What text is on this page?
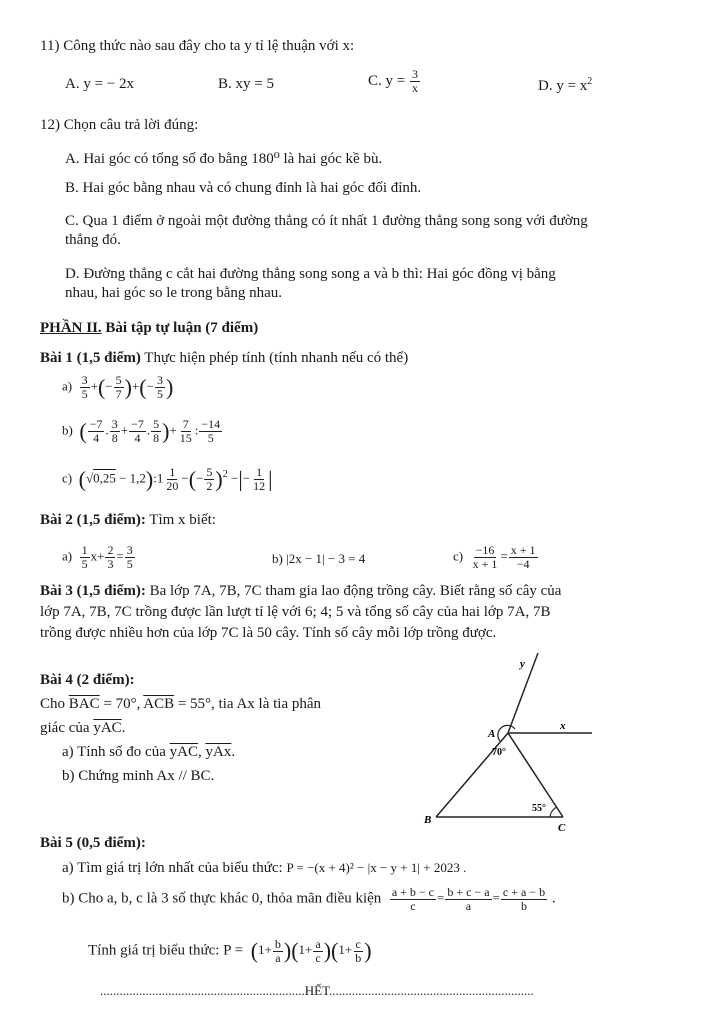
11) Công thức nào sau đây cho ta y tỉ lệ thuận với x:
A. y = − 2x	B. xy = 5	C. $y = \frac{3}{x}$	D. $y = x^2$
12) Chọn câu trả lời đúng:
A. Hai góc có tổng số đo bằng 180⁰ là hai góc kề bù.
B. Hai góc bằng nhau và có chung đỉnh là hai góc đối đỉnh.
C. Qua 1 điểm ở ngoài một đường thẳng có ít nhất 1 đường thẳng song song với đường
thẳng đó.
D. Đường thẳng c cắt hai đường thẳng song song a và b thì: Hai góc đồng vị bằng
nhau, hai góc so le trong bằng nhau.
PHẦN II. Bài tập tự luận (7 điểm)
Bài 1 (1,5 điểm) Thực hiện phép tính (tính nhanh nếu có thể)
$a) \frac{3}{5}$ +(− $\frac{5}{7}$ )+(− $\frac{3}{5}$ )
b) ( $\frac{-7}{4}$ . $\frac{3}{8} + \frac{-7}{4}$ . $\frac{5}{8}$ )+ $\frac{7}{15}$ : $\frac{-14}{5}$
c) (√0,25 − 1,2):1 $\frac{1}{20}$ −(− $\frac{5}{2} )^2$ −|− $\frac{1}{12}$ |
Bài 2 (1,5 điểm): Tìm x biết:
$a) \frac{1}{5} x+ \frac{2}{3} = \frac{3}{5}$	b) |2x − 1| − 3 = 4	$c) \frac{-16}{x + 1} = \frac{x + 1}{-4}$
Bài 3 (1,5 điểm): Ba lớp 7A, 7B, 7C tham gia lao động trồng cây. Biết rằng số cây của
lớp 7A, 7B, 7C trồng được lần lượt tỉ lệ với 6; 4; 5 và tổng số cây của hai lớp 7A, 7B
trồng được nhiều hơn của lớp 7C là 50 cây. Tính số cây mỗi lớp trồng được.
Bài 4 (2 điểm):
Cho $\overline{BAC} = 70^\circ$, $\overline{ACB} = 55^\circ$, tia Ax là tia phân
giác của $\overline{yAC}$.
a) Tính số đo của $\overline{yAC}$, $\overline{yAx}$.
b) Chứng minh Ax // BC.
y
A
x
B
C
70°
55°
Bài 5 (0,5 điểm):
a) Tìm giá trị lớn nhất của biểu thức: P = −(x + 4)² − |x − y + 1| + 2023 .
b) Cho a, b, c là 3 số thực khác 0, thỏa mãn điều kiện $\frac{a + b - c}{c} = \frac{b + c - a}{a} = \frac{c + a - b}{b}$ .
Tính giá trị biểu thức: $P = (1+ \frac{b}{a} )(1+ \frac{a}{c} )(1+ \frac{c}{b}$ )
...............................................................HẾT...............................................................
